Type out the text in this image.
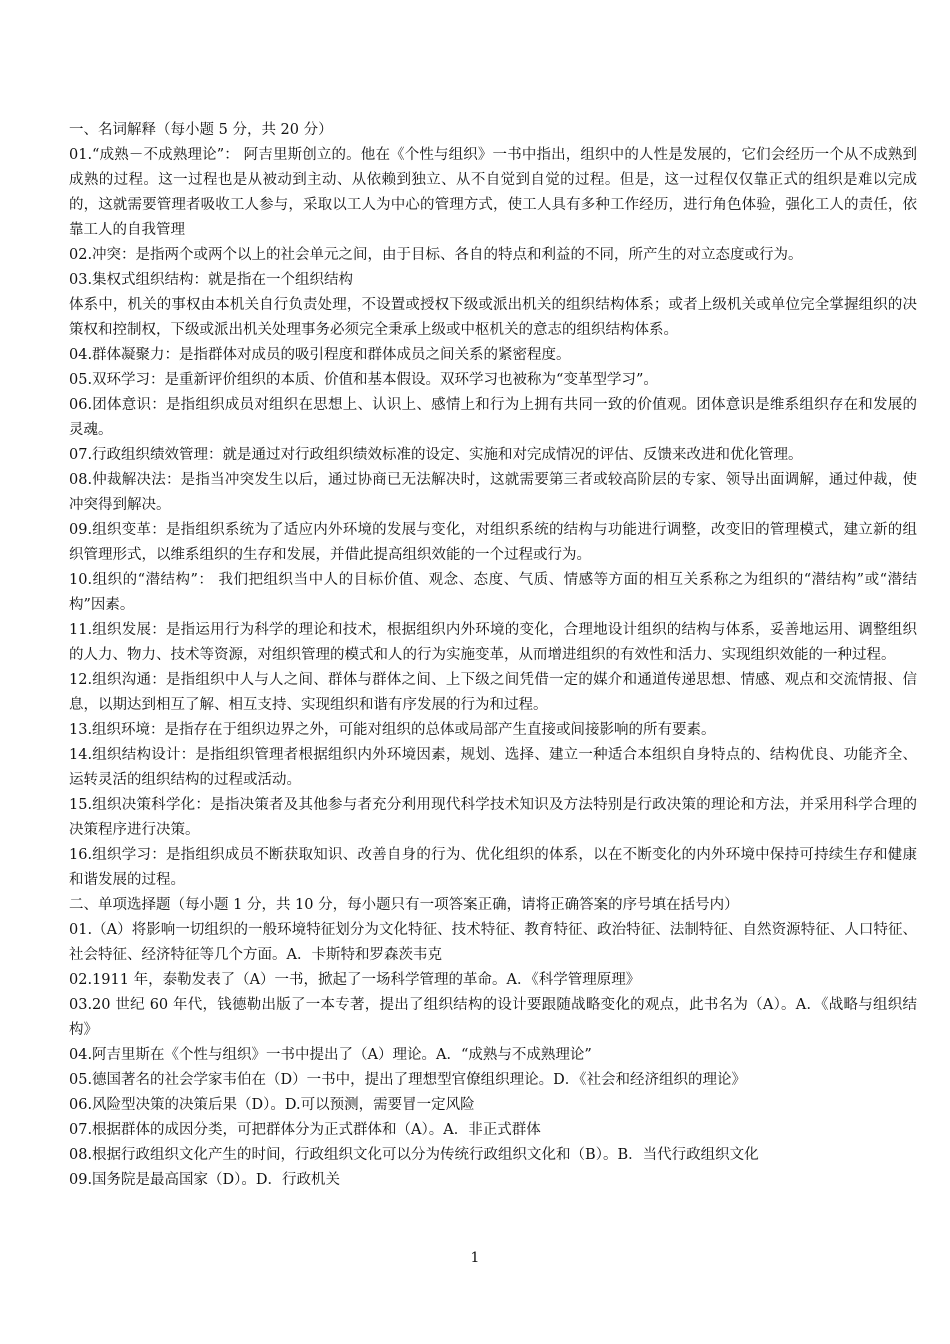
一、名词解释（每小题 5 分，共 20 分）

01.“成熟－不成熟理论”： 阿吉里斯创立的。他在《个性与组织》一书中指出，组织中的人性是发展的，它们会经历一个从不成熟到成熟的过程。这一过程也是从被动到主动、从依赖到独立、从不自觉到自觉的过程。但是，这一过程仅仅靠正式的组织是难以完成的，这就需要管理者吸收工人参与，采取以工人为中心的管理方式，使工人具有多种工作经历，进行角色体验，强化工人的责任，依靠工人的自我管理

02.冲突：是指两个或两个以上的社会单元之间，由于目标、各自的特点和利益的不同，所产生的对立态度或行为。

03.集权式组织结构：就是指在一个组织结构

体系中，机关的事权由本机关自行负责处理，不设置或授权下级或派出机关的组织结构体系；或者上级机关或单位完全掌握组织的决策权和控制权，下级或派出机关处理事务必须完全秉承上级或中枢机关的意志的组织结构体系。

04.群体凝聚力：是指群体对成员的吸引程度和群体成员之间关系的紧密程度。

05.双环学习：是重新评价组织的本质、价值和基本假设。双环学习也被称为“变革型学习”。

06.团体意识：是指组织成员对组织在思想上、认识上、感情上和行为上拥有共同一致的价值观。团体意识是维系组织存在和发展的灵魂。

07.行政组织绩效管理：就是通过对行政组织绩效标准的设定、实施和对完成情况的评估、反馈来改进和优化管理。

08.仲裁解决法：是指当冲突发生以后，通过协商已无法解决时，这就需要第三者或较高阶层的专家、领导出面调解，通过仲裁，使冲突得到解决。

09.组织变革：是指组织系统为了适应内外环境的发展与变化，对组织系统的结构与功能进行调整，改变旧的管理模式，建立新的组织管理形式，以维系组织的生存和发展，并借此提高组织效能的一个过程或行为。

10.组织的“潜结构”： 我们把组织当中人的目标价值、观念、态度、气质、情感等方面的相互关系称之为组织的“潜结构”或“潜结构”因素。

11.组织发展：是指运用行为科学的理论和技术，根据组织内外环境的变化，合理地设计组织的结构与体系，妥善地运用、调整组织的人力、物力、技术等资源，对组织管理的模式和人的行为实施变革，从而增进组织的有效性和活力、实现组织效能的一种过程。

12.组织沟通：是指组织中人与人之间、群体与群体之间、上下级之间凭借一定的媒介和通道传递思想、情感、观点和交流情报、信息，以期达到相互了解、相互支持、实现组织和谐有序发展的行为和过程。

13.组织环境：是指存在于组织边界之外，可能对组织的总体或局部产生直接或间接影响的所有要素。

14.组织结构设计：是指组织管理者根据组织内外环境因素，规划、选择、建立一种适合本组织自身特点的、结构优良、功能齐全、运转灵活的组织结构的过程或活动。

15.组织决策科学化：是指决策者及其他参与者充分利用现代科学技术知识及方法特别是行政决策的理论和方法，并采用科学合理的决策程序进行决策。

16.组织学习：是指组织成员不断获取知识、改善自身的行为、优化组织的体系，以在不断变化的内外环境中保持可持续生存和健康和谐发展的过程。

二、单项选择题（每小题 1 分，共 10 分，每小题只有一项答案正确，请将正确答案的序号填在括号内）

01.（A）将影响一切组织的一般环境特征划分为文化特征、技术特征、教育特征、政治特征、法制特征、自然资源特征、人口特征、社会特征、经济特征等几个方面。A．卡斯特和罗森茨韦克

02.1911 年，泰勒发表了（A）一书，掀起了一场科学管理的革命。A．《科学管理原理》

03.20 世纪 60 年代，钱德勒出版了一本专著，提出了组织结构的设计要跟随战略变化的观点，此书名为（A）。A．《战略与组织结构》

04.阿吉里斯在《个性与组织》一书中提出了（A）理论。A．“成熟与不成熟理论”

05.德国著名的社会学家韦伯在（D）一书中，提出了理想型官僚组织理论。D．《社会和经济组织的理论》

06.风险型决策的决策后果（D）。D.可以预测，需要冒一定风险

07.根据群体的成因分类，可把群体分为正式群体和（A）。A．非正式群体

08.根据行政组织文化产生的时间，行政组织文化可以分为传统行政组织文化和（B）。B．当代行政组织文化

09.国务院是最高国家（D）。D．行政机关

1
